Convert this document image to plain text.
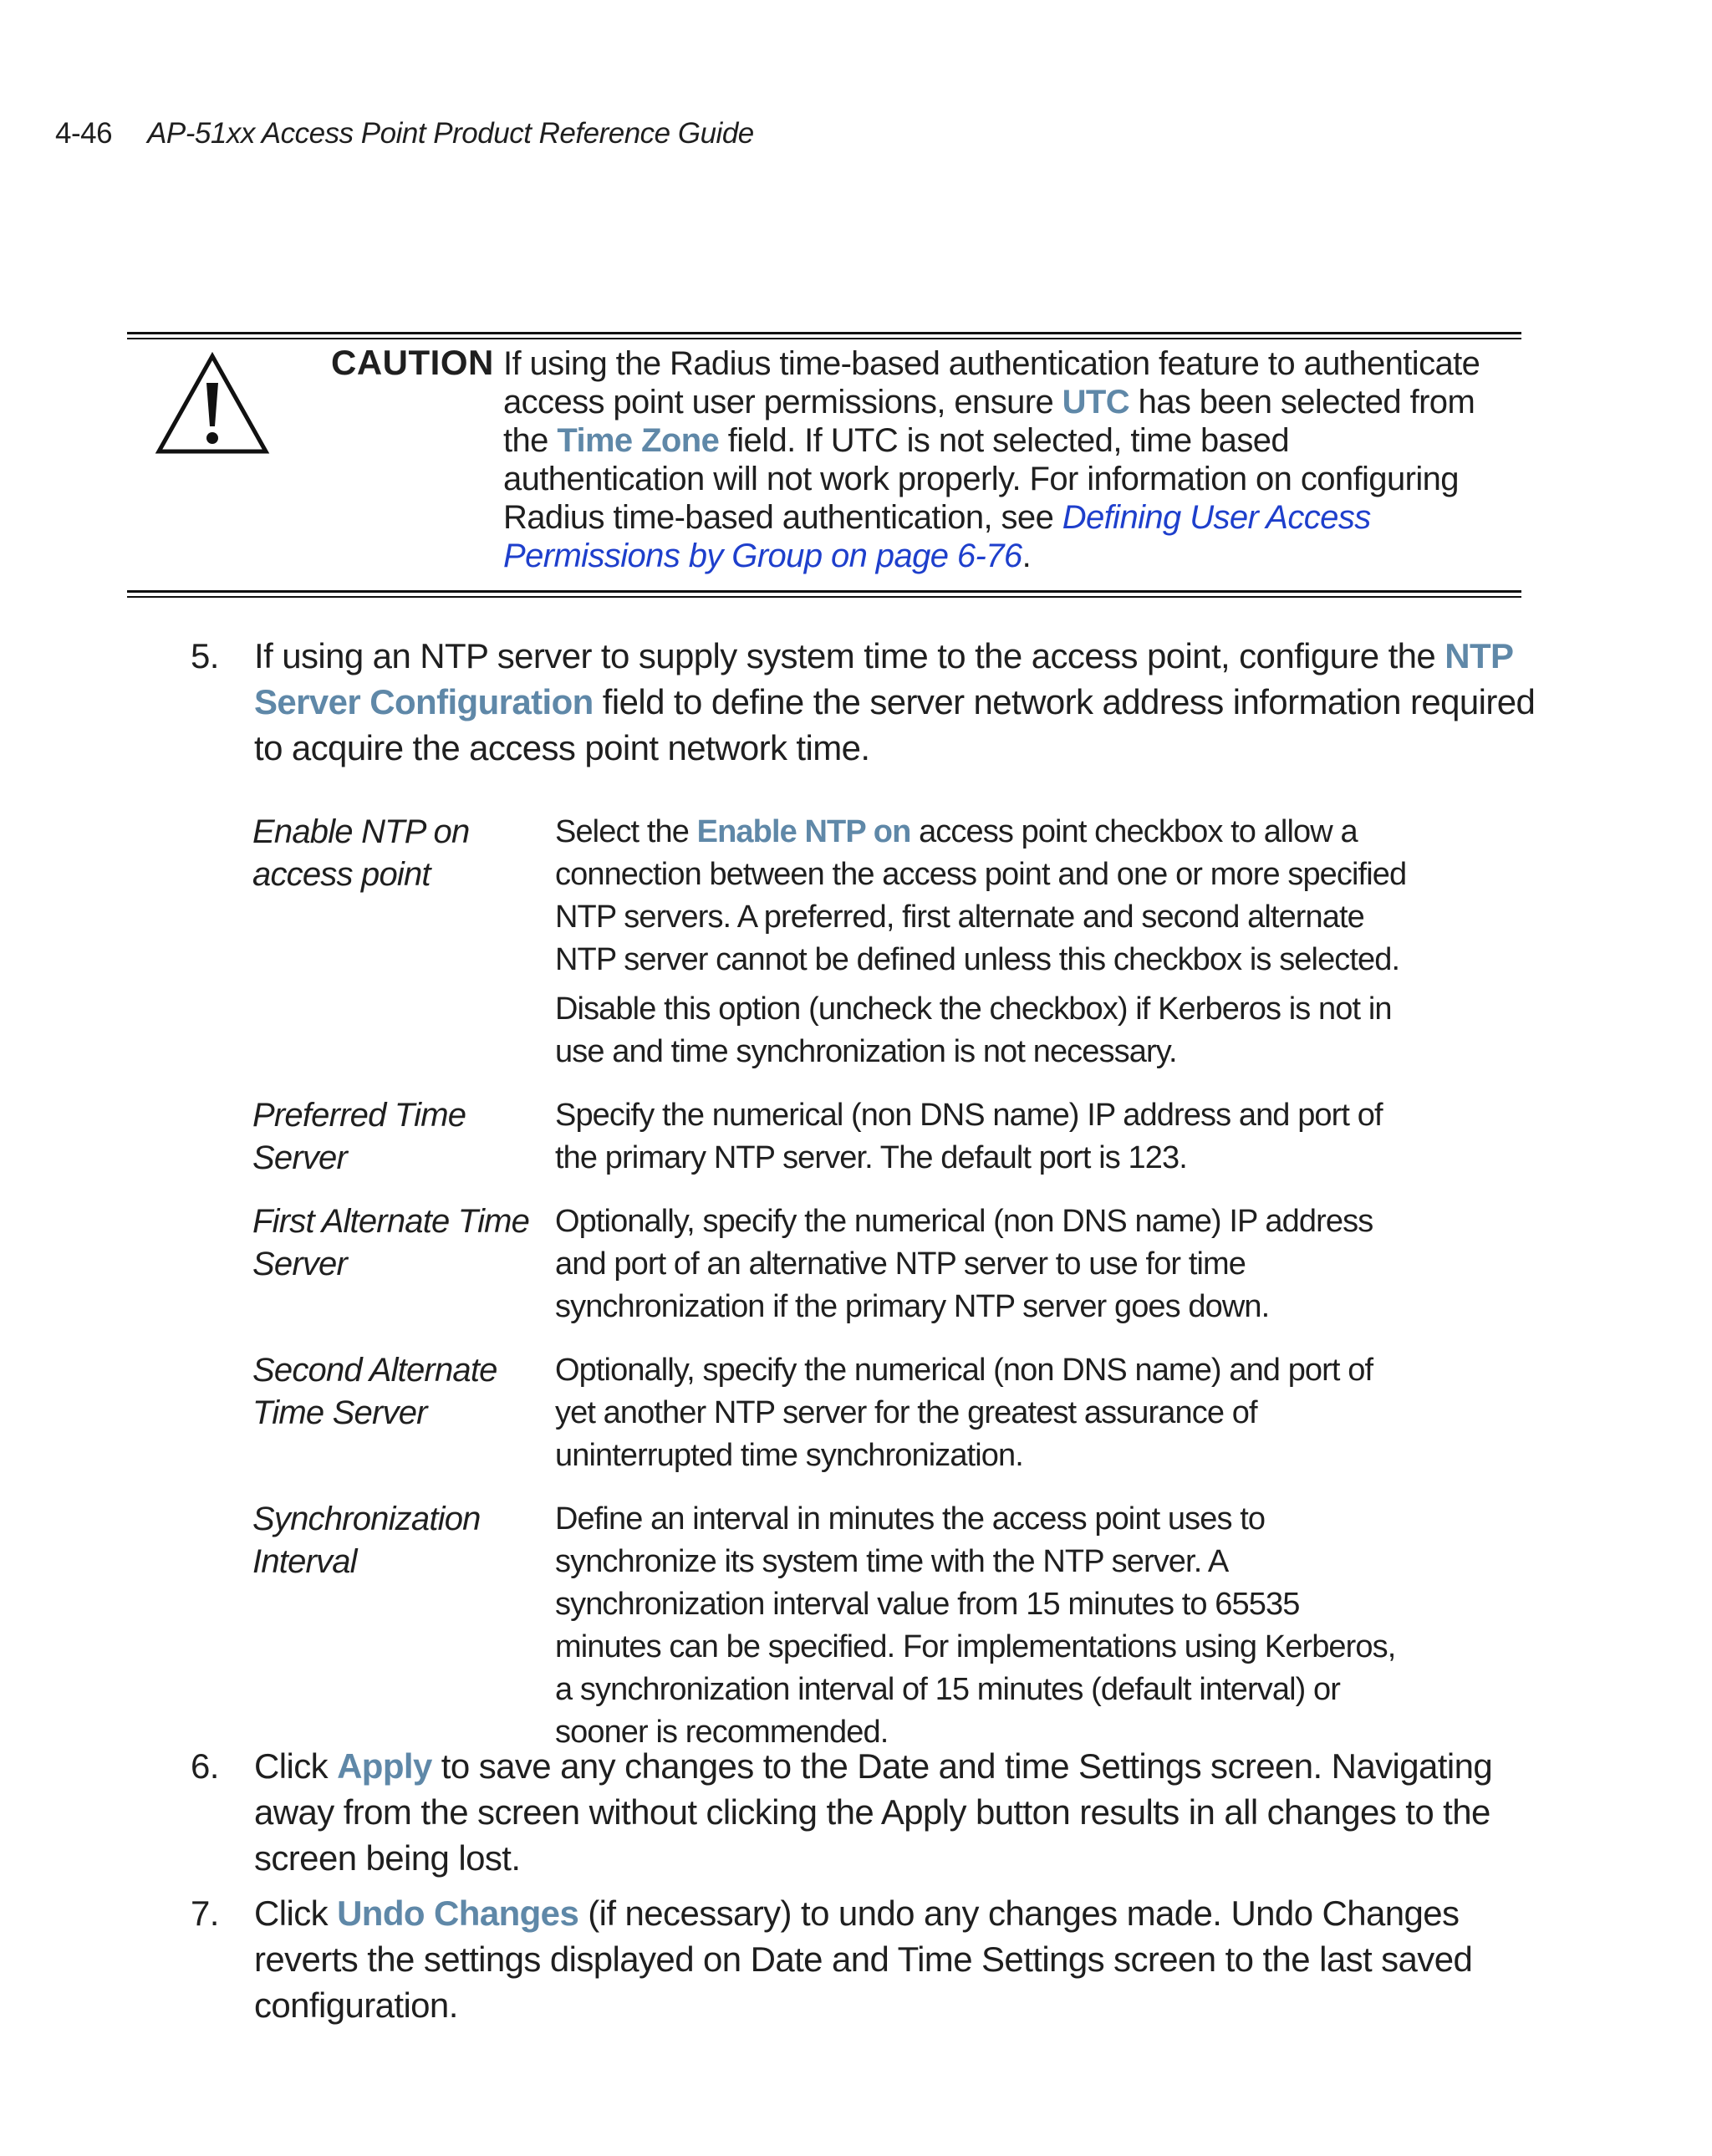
4-46 AP-51xx Access Point Product Reference Guide
CAUTION If using the Radius time-based authentication feature to authenticate access point user permissions, ensure UTC has been selected from the Time Zone field. If UTC is not selected, time based authentication will not work properly. For information on configuring Radius time-based authentication, see Defining User Access Permissions by Group on page 6-76.
5. If using an NTP server to supply system time to the access point, configure the NTP Server Configuration field to define the server network address information required to acquire the access point network time.
Enable NTP on access point

Select the Enable NTP on access point checkbox to allow a connection between the access point and one or more specified NTP servers. A preferred, first alternate and second alternate NTP server cannot be defined unless this checkbox is selected.

Disable this option (uncheck the checkbox) if Kerberos is not in use and time synchronization is not necessary.

Preferred Time Server
Specify the numerical (non DNS name) IP address and port of the primary NTP server. The default port is 123.
First Alternate Time Server
Optionally, specify the numerical (non DNS name) IP address and port of an alternative NTP server to use for time synchronization if the primary NTP server goes down.
Second Alternate Time Server
Optionally, specify the numerical (non DNS name) and port of yet another NTP server for the greatest assurance of uninterrupted time synchronization.
Synchronization Interval
Define an interval in minutes the access point uses to synchronize its system time with the NTP server. A synchronization interval value from 15 minutes to 65535 minutes can be specified. For implementations using Kerberos, a synchronization interval of 15 minutes (default interval) or sooner is recommended.
6. Click Apply to save any changes to the Date and time Settings screen. Navigating away from the screen without clicking the Apply button results in all changes to the screen being lost.
7. Click Undo Changes (if necessary) to undo any changes made. Undo Changes reverts the settings displayed on Date and Time Settings screen to the last saved configuration.
